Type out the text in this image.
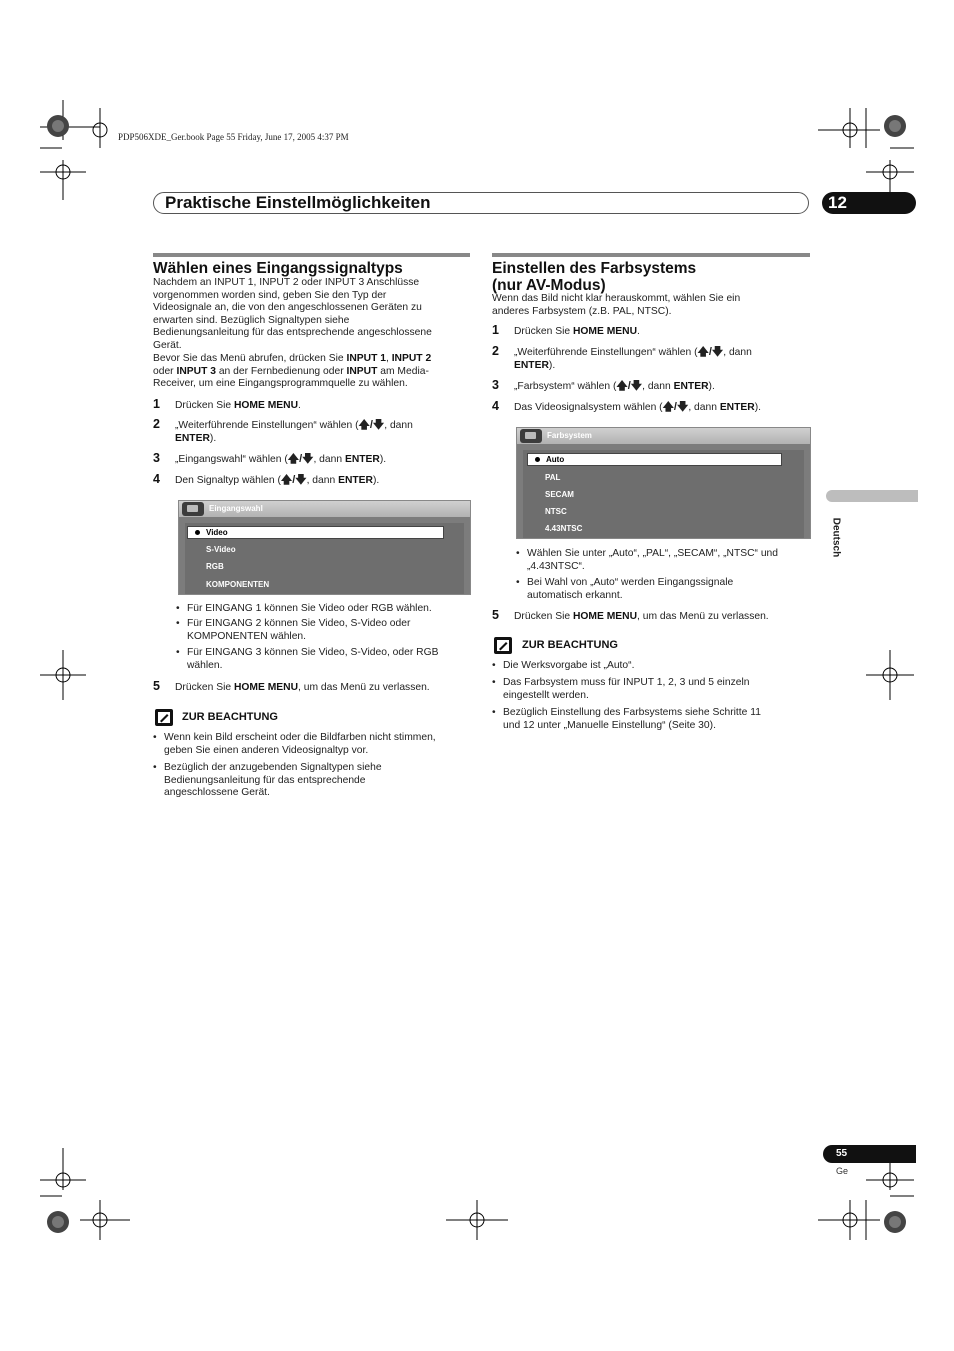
PDP506XDE_Ger.book Page 55 Friday, June 17, 2005 4:37 PM
Praktische Einstellmöglichkeiten	12
Wählen eines Eingangssignaltyps
Nachdem an INPUT 1, INPUT 2 oder INPUT 3 Anschlüsse
vorgenommen worden sind, geben Sie den Typ der
Videosignale an, die von den angeschlossenen Geräten zu
erwarten sind. Bezüglich Signaltypen siehe
Bedienungsanleitung für das entsprechende angeschlossene
Gerät.
Bevor Sie das Menü abrufen, drücken Sie INPUT 1, INPUT 2
oder INPUT 3 an der Fernbedienung oder INPUT am Media-
Receiver, um eine Eingangsprogrammquelle zu wählen.
1 Drücken Sie HOME MENU.
2 „Weiterführende Einstellungen“ wählen (🡅/🡇, dann
ENTER).
3 „Eingangswahl“ wählen (🡅/🡇, dann ENTER).
4 Den Signaltyp wählen (🡅/🡇, dann ENTER).
Eingangswahl
Video
S-Video
RGB
KOMPONENTEN
• Für EINGANG 1 können Sie Video oder RGB wählen.
• Für EINGANG 2 können Sie Video, S-Video oder
KOMPONENTEN wählen.
• Für EINGANG 3 können Sie Video, S-Video, oder RGB
wählen.
5 Drücken Sie HOME MENU, um das Menü zu verlassen.
ZUR BEACHTUNG
• Wenn kein Bild erscheint oder die Bildfarben nicht stimmen,
geben Sie einen anderen Videosignaltyp vor.
• Bezüglich der anzugebenden Signaltypen siehe
Bedienungsanleitung für das entsprechende
angeschlossene Gerät.
Einstellen des Farbsystems
(nur AV-Modus)
Wenn das Bild nicht klar herauskommt, wählen Sie ein
anderes Farbsystem (z.B. PAL, NTSC).
1 Drücken Sie HOME MENU.
2 „Weiterführende Einstellungen“ wählen (🡅/🡇, dann
ENTER).
3 „Farbsystem“ wählen (🡅/🡇, dann ENTER).
4 Das Videosignalsystem wählen (🡅/🡇, dann ENTER).
Farbsystem
Auto
PAL
SECAM
NTSC
4.43NTSC
• Wählen Sie unter „Auto“, „PAL“, „SECAM“, „NTSC“ und
„4.43NTSC“.
• Bei Wahl von „Auto“ werden Eingangssignale
automatisch erkannt.
5 Drücken Sie HOME MENU, um das Menü zu verlassen.
ZUR BEACHTUNG
• Die Werksvorgabe ist „Auto“.
• Das Farbsystem muss für INPUT 1, 2, 3 und 5 einzeln
eingestellt werden.
• Bezüglich Einstellung des Farbsystems siehe Schritte 11
und 12 unter „Manuelle Einstellung“ (Seite 30).
Deutsch
55
Ge
